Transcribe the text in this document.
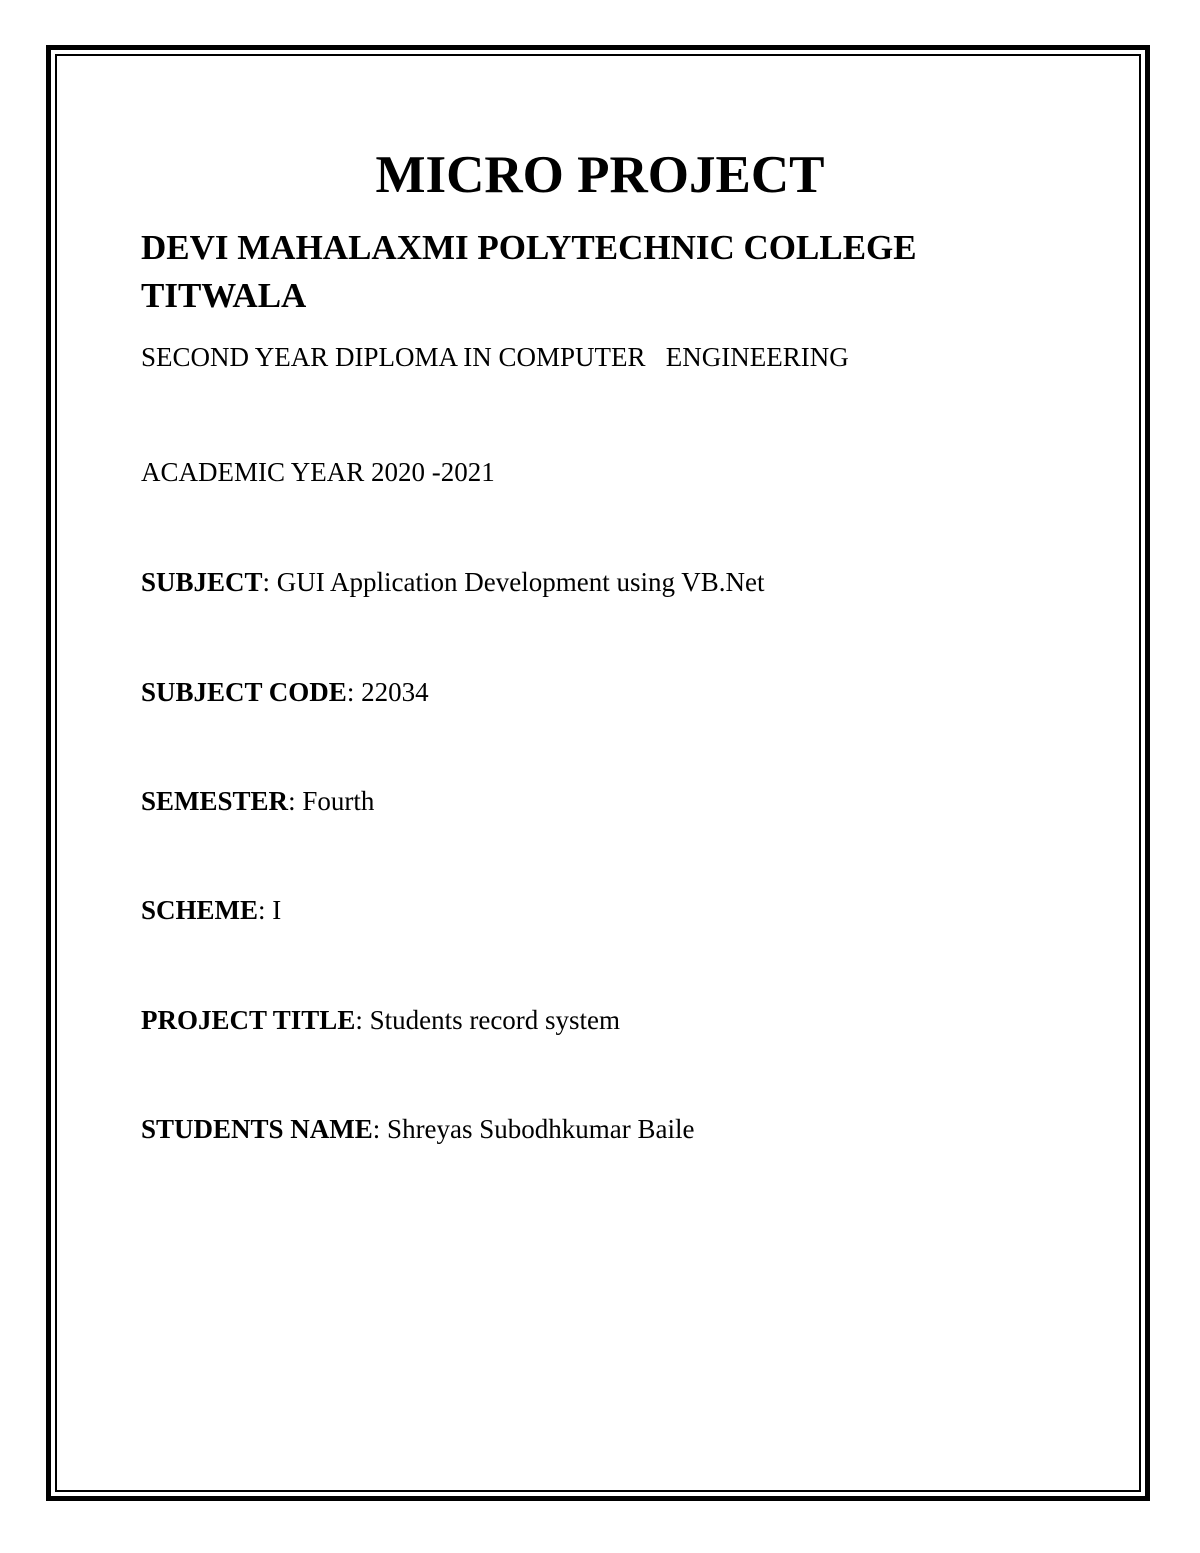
MICRO PROJECT
DEVI MAHALAXMI POLYTECHNIC COLLEGE TITWALA

SECOND YEAR DIPLOMA IN COMPUTER   ENGINEERING

ACADEMIC YEAR 2020 -2021

SUBJECT: GUI Application Development using VB.Net

SUBJECT CODE: 22034

SEMESTER: Fourth

SCHEME: I

PROJECT TITLE: Students record system

STUDENTS NAME: Shreyas Subodhkumar Baile
